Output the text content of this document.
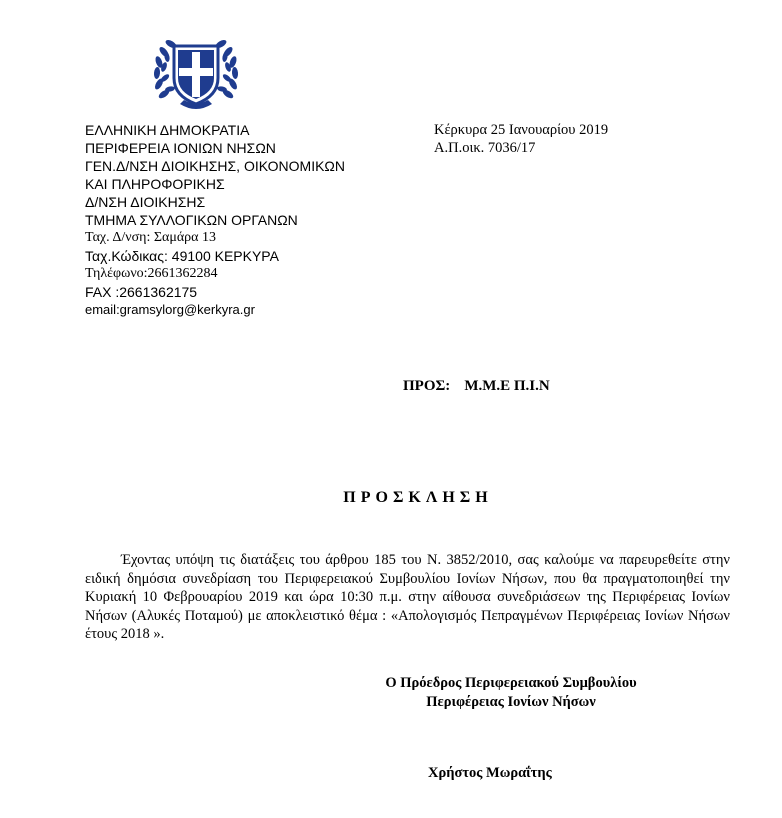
ΕΛΛΗΝΙΚΗ ΔΗΜΟΚΡΑΤΙΑ
ΠΕΡΙΦΕΡΕΙΑ ΙΟΝΙΩΝ ΝΗΣΩΝ
ΓΕΝ.Δ/ΝΣΗ ΔΙΟΙΚΗΣΗΣ, ΟΙΚΟΝΟΜΙΚΩΝ
ΚΑΙ ΠΛΗΡΟΦΟΡΙΚΗΣ
Δ/ΝΣΗ ΔΙΟΙΚΗΣΗΣ
ΤΜΗΜΑ ΣΥΛΛΟΓΙΚΩΝ ΟΡΓΑΝΩΝ
Ταχ. Δ/νση: Σαμάρα 13
Ταχ.Κώδικας: 49100 ΚΕΡΚΥΡΑ
Τηλέφωνο:2661362284
FAX :2661362175
email:gramsylorg@kerkyra.gr
Κέρκυρα 25 Ιανουαρίου 2019
Α.Π.οικ. 7036/17
ΠΡΟΣ: Μ.Μ.Ε Π.Ι.Ν
ΠΡΟΣΚΛΗΣΗ
Έχοντας υπόψη τις διατάξεις του άρθρου 185 του Ν. 3852/2010, σας καλούμε να παρευρεθείτε στην ειδική δημόσια συνεδρίαση του Περιφερειακού Συμβουλίου Ιονίων Νήσων, που θα πραγματοποιηθεί την Κυριακή 10 Φεβρουαρίου 2019 και ώρα 10:30 π.μ. στην αίθουσα συνεδριάσεων της Περιφέρειας Ιονίων Νήσων (Αλυκές Ποταμού) με αποκλειστικό θέμα : «Απολογισμός Πεπραγμένων Περιφέρειας Ιονίων Νήσων έτους 2018 ».
Ο Πρόεδρος Περιφερειακού Συμβουλίου
Περιφέρειας Ιονίων Νήσων
Χρήστος Μωραΐτης
